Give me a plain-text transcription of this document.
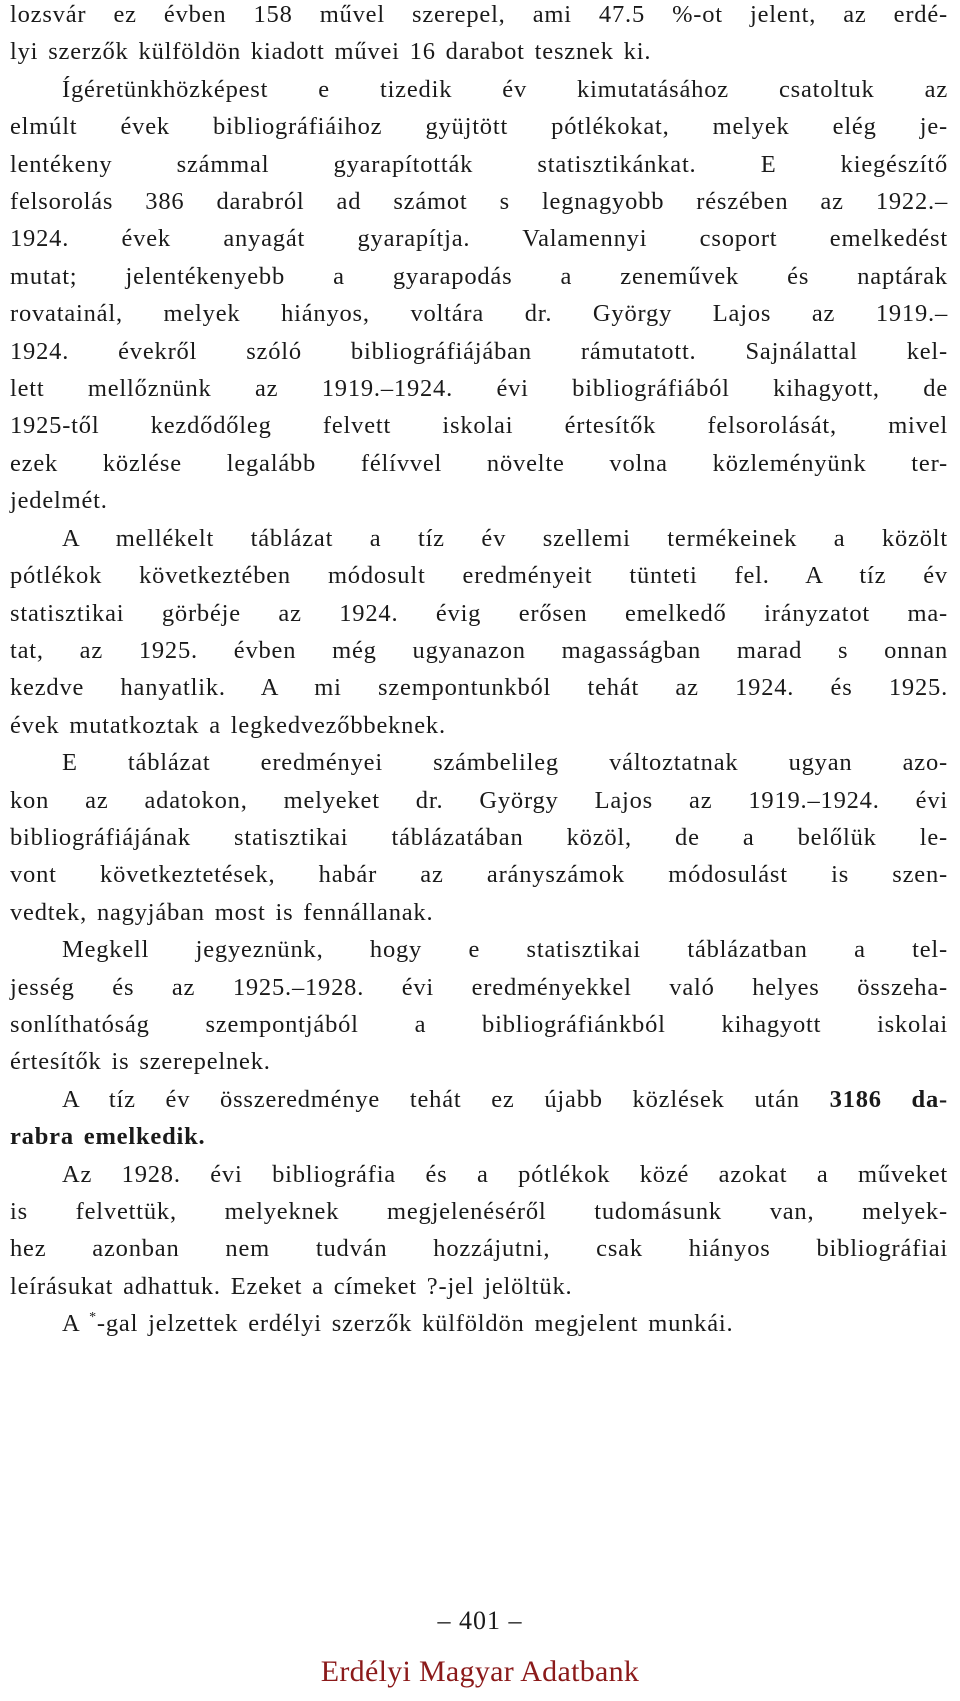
lozsvár ez évben 158 művel szerepel, ami 47.5 %-ot jelent, az erdé-
lyi szerzők külföldön kiadott művei 16 darabot tesznek ki.
Ígéretünkhözképest e tizedik év kimutatásához csatoltuk az
elmúlt évek bibliográfiáihoz gyüjtött pótlékokat, melyek elég je-
lentékeny számmal gyarapították statisztikánkat. E kiegészítő
felsorolás 386 darabról ad számot s legnagyobb részében az 1922.–
1924. évek anyagát gyarapítja. Valamennyi csoport emelkedést
mutat; jelentékenyebb a gyarapodás a zeneművek és naptárak
rovatainál, melyek hiányos, voltára dr. György Lajos az 1919.–
1924. évekről szóló bibliográfiájában rámutatott. Sajnálattal kel-
lett mellőznünk az 1919.–1924. évi bibliográfiából kihagyott, de
1925-től kezdődőleg felvett iskolai értesítők felsorolását, mivel
ezek közlése legalább félívvel növelte volna közleményünk ter-
jedelmét.
A mellékelt táblázat a tíz év szellemi termékeinek a közölt
pótlékok következtében módosult eredményeit tünteti fel. A tíz év
statisztikai görbéje az 1924. évig erősen emelkedő irányzatot ma-
tat, az 1925. évben még ugyanazon magasságban marad s onnan
kezdve hanyatlik. A mi szempontunkból tehát az 1924. és 1925.
évek mutatkoztak a legkedvezőbbeknek.
E táblázat eredményei számbelileg változtatnak ugyan azo-
kon az adatokon, melyeket dr. György Lajos az 1919.–1924. évi
bibliográfiájának statisztikai táblázatában közöl, de a belőlük le-
vont következtetések, habár az arányszámok módosulást is szen-
vedtek, nagyjában most is fennállanak.
Megkell jegyeznünk, hogy e statisztikai táblázatban a tel-
jesség és az 1925.–1928. évi eredményekkel való helyes összeha-
sonlíthatóság szempontjából a bibliográfiánkból kihagyott iskolai
értesítők is szerepelnek.
A tíz év összeredménye tehát ez újabb közlések után 3186 da-
rabra emelkedik.
Az 1928. évi bibliográfia és a pótlékok közé azokat a műveket
is felvettük, melyeknek megjelenéséről tudomásunk van, melyek-
hez azonban nem tudván hozzájutni, csak hiányos bibliográfiai
leírásukat adhattuk. Ezeket a címeket ?-jel jelöltük.
A *-gal jelzettek erdélyi szerzők külföldön megjelent munkái.
– 401 –
Erdélyi Magyar Adatbank
